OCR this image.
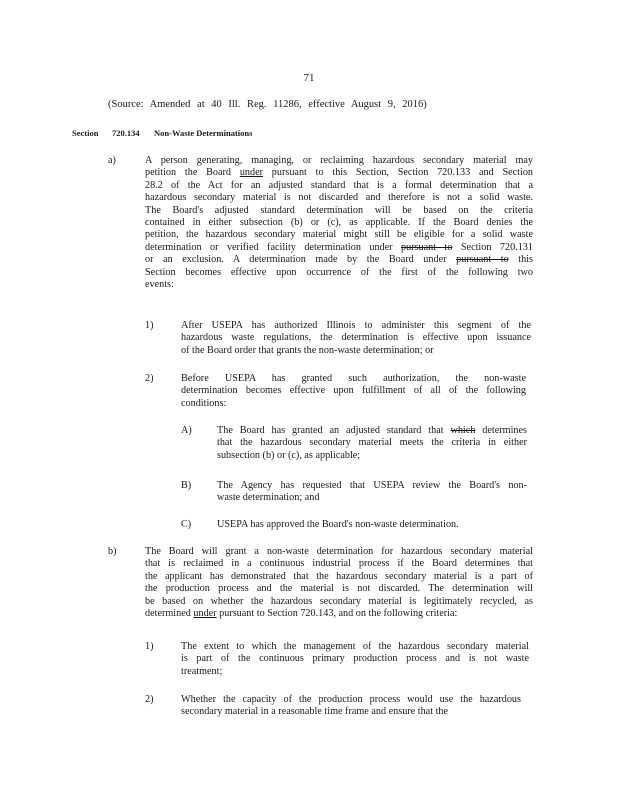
71
(Source: Amended at 40 Ill. Reg. 11286, effective August 9, 2016)
Section 720.134 Non-Waste Determinations
a)	A person generating, managing, or reclaiming hazardous secondary material may
petition the Board under pursuant to this Section, Section 720.133 and Section
28.2 of the Act for an adjusted standard that is a formal determination that a
hazardous secondary material is not discarded and therefore is not a solid waste.
The Board's adjusted standard determination will be based on the criteria
contained in either subsection (b) or (c), as applicable. If the Board denies the
petition, the hazardous secondary material might still be eligible for a solid waste
determination or verified facility determination under pursuant to Section 720.131
or an exclusion. A determination made by the Board under pursuant to this
Section becomes effective upon occurrence of the first of the following two
events:
1)	After USEPA has authorized Illinois to administer this segment of the
hazardous waste regulations, the determination is effective upon issuance
of the Board order that grants the non-waste determination; or
2)	Before USEPA has granted such authorization, the non-waste
determination becomes effective upon fulfillment of all of the following
conditions:
A) The Board has granted an adjusted standard that which determines
that the hazardous secondary material meets the criteria in either
subsection (b) or (c), as applicable;
B)	The Agency has requested that USEPA review the Board's non-
waste determination; and
C)	USEPA has approved the Board's non-waste determination.
b)	The Board will grant a non-waste determination for hazardous secondary material
that is reclaimed in a continuous industrial process if the Board determines that
the applicant has demonstrated that the hazardous secondary material is a part of
the production process and the material is not discarded. The determination will
be based on whether the hazardous secondary material is legitimately recycled, as
determined under pursuant to Section 720.143, and on the following criteria:
1)	The extent to which the management of the hazardous secondary material
is part of the continuous primary production process and is not waste
treatment;
2)	Whether the capacity of the production process would use the hazardous
secondary material in a reasonable time frame and ensure that the
